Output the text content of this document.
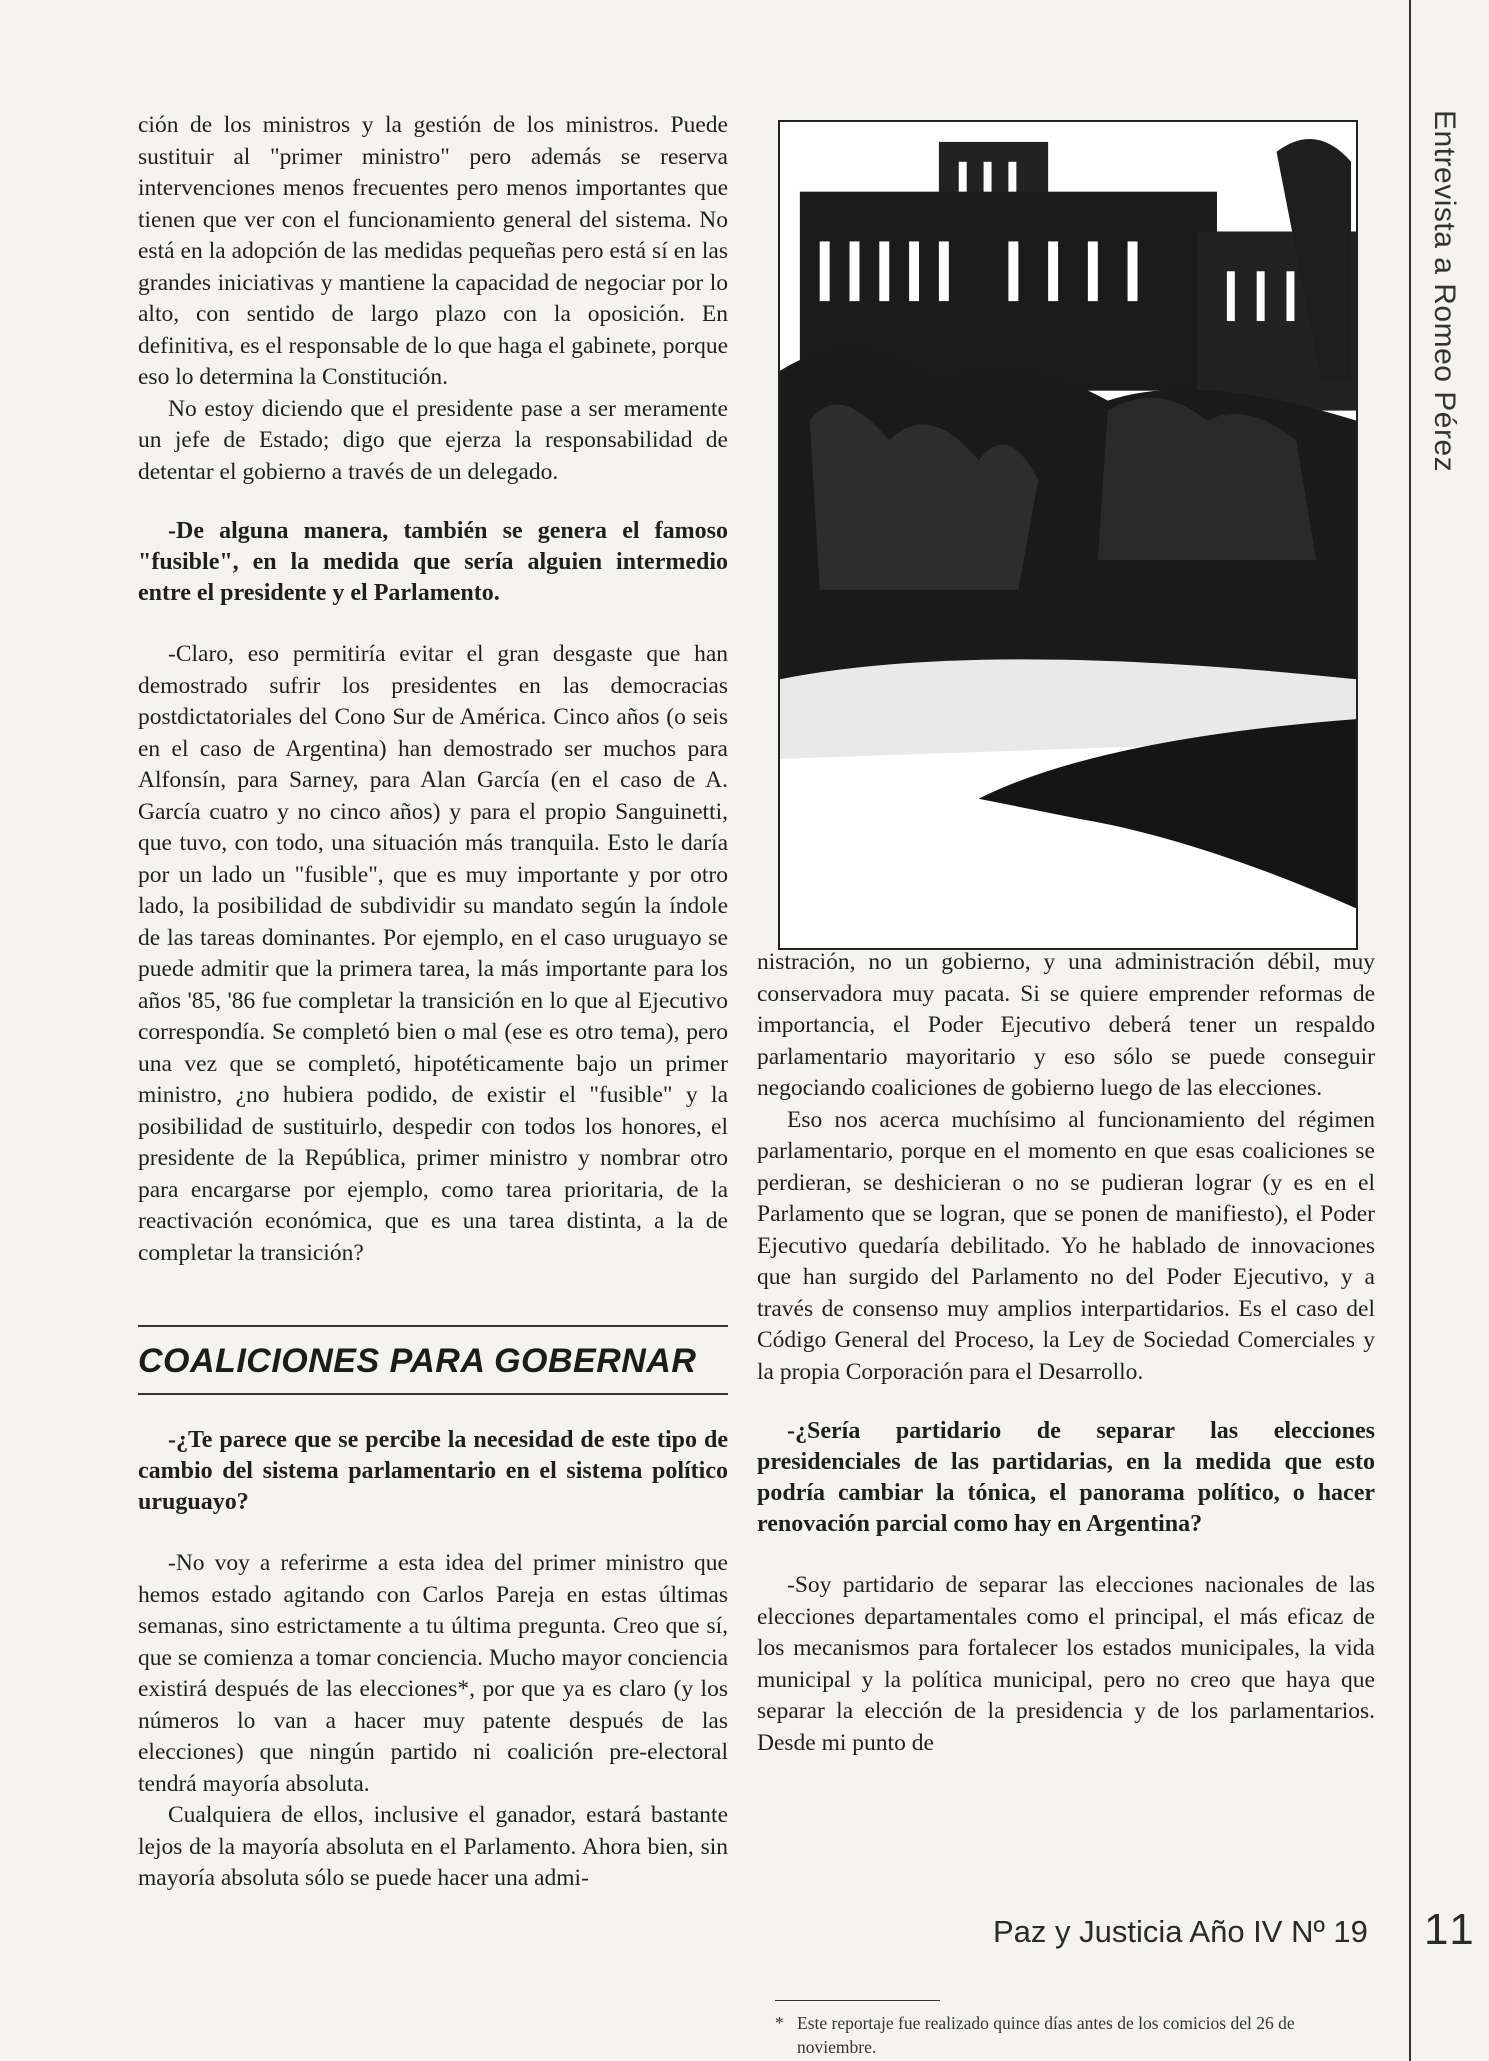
Entrevista a Romeo Pérez

ción de los ministros y la gestión de los ministros. Puede sustituir al "primer ministro" pero además se reserva intervenciones menos frecuentes pero menos importantes que tienen que ver con el funcionamiento general del sistema. No está en la adopción de las medidas pequeñas pero está sí en las grandes iniciativas y mantiene la capacidad de negociar por lo alto, con sentido de largo plazo con la oposición. En definitiva, es el responsable de lo que haga el gabinete, porque eso lo determina la Constitución.

No estoy diciendo que el presidente pase a ser meramente un jefe de Estado; digo que ejerza la responsabilidad de detentar el gobierno a través de un delegado.

-De alguna manera, también se genera el famoso "fusible", en la medida que sería alguien intermedio entre el presidente y el Parlamento.

-Claro, eso permitiría evitar el gran desgaste que han demostrado sufrir los presidentes en las democracias postdictatoriales del Cono Sur de América. Cinco años (o seis en el caso de Argentina) han demostrado ser muchos para Alfonsín, para Sarney, para Alan García (en el caso de A. García cuatro y no cinco años) y para el propio Sanguinetti, que tuvo, con todo, una situación más tranquila. Esto le daría por un lado un "fusible", que es muy importante y por otro lado, la posibilidad de subdividir su mandato según la índole de las tareas dominantes. Por ejemplo, en el caso uruguayo se puede admitir que la primera tarea, la más importante para los años '85, '86 fue completar la transición en lo que al Ejecutivo correspondía. Se completó bien o mal (ese es otro tema), pero una vez que se completó, hipotéticamente bajo un primer ministro, ¿no hubiera podido, de existir el "fusible" y la posibilidad de sustituirlo, despedir con todos los honores, el presidente de la República, primer ministro y nombrar otro para encargarse por ejemplo, como tarea prioritaria, de la reactivación económica, que es una tarea distinta, a la de completar la transición?

COALICIONES PARA GOBERNAR

-¿Te parece que se percibe la necesidad de este tipo de cambio del sistema parlamentario en el sistema político uruguayo?

-No voy a referirme a esta idea del primer ministro que hemos estado agitando con Carlos Pareja en estas últimas semanas, sino estrictamente a tu última pregunta. Creo que sí, que se comienza a tomar conciencia. Mucho mayor conciencia existirá después de las elecciones*, por que ya es claro (y los números lo van a hacer muy patente después de las elecciones) que ningún partido ni coalición pre-electoral tendrá mayoría absoluta.

Cualquiera de ellos, inclusive el ganador, estará bastante lejos de la mayoría absoluta en el Parlamento. Ahora bien, sin mayoría absoluta sólo se puede hacer una admi-

nistración, no un gobierno, y una administración débil, muy conservadora muy pacata. Si se quiere emprender reformas de importancia, el Poder Ejecutivo deberá tener un respaldo parlamentario mayoritario y eso sólo se puede conseguir negociando coaliciones de gobierno luego de las elecciones.

Eso nos acerca muchísimo al funcionamiento del régimen parlamentario, porque en el momento en que esas coaliciones se perdieran, se deshicieran o no se pudieran lograr (y es en el Parlamento que se logran, que se ponen de manifiesto), el Poder Ejecutivo quedaría debilitado. Yo he hablado de innovaciones que han surgido del Parlamento no del Poder Ejecutivo, y a través de consenso muy amplios interpartidarios. Es el caso del Código General del Proceso, la Ley de Sociedad Comerciales y la propia Corporación para el Desarrollo.

-¿Sería partidario de separar las elecciones presidenciales de las partidarias, en la medida que esto podría cambiar la tónica, el panorama político, o hacer renovación parcial como hay en Argentina?

-Soy partidario de separar las elecciones nacionales de las elecciones departamentales como el principal, el más eficaz de los mecanismos para fortalecer los estados municipales, la vida municipal y la política municipal, pero no creo que haya que separar la elección de la presidencia y de los parlamentarios. Desde mi punto de

* Este reportaje fue realizado quince días antes de los comicios del 26 de noviembre.
Paz y Justicia Año IV Nº 19 11
